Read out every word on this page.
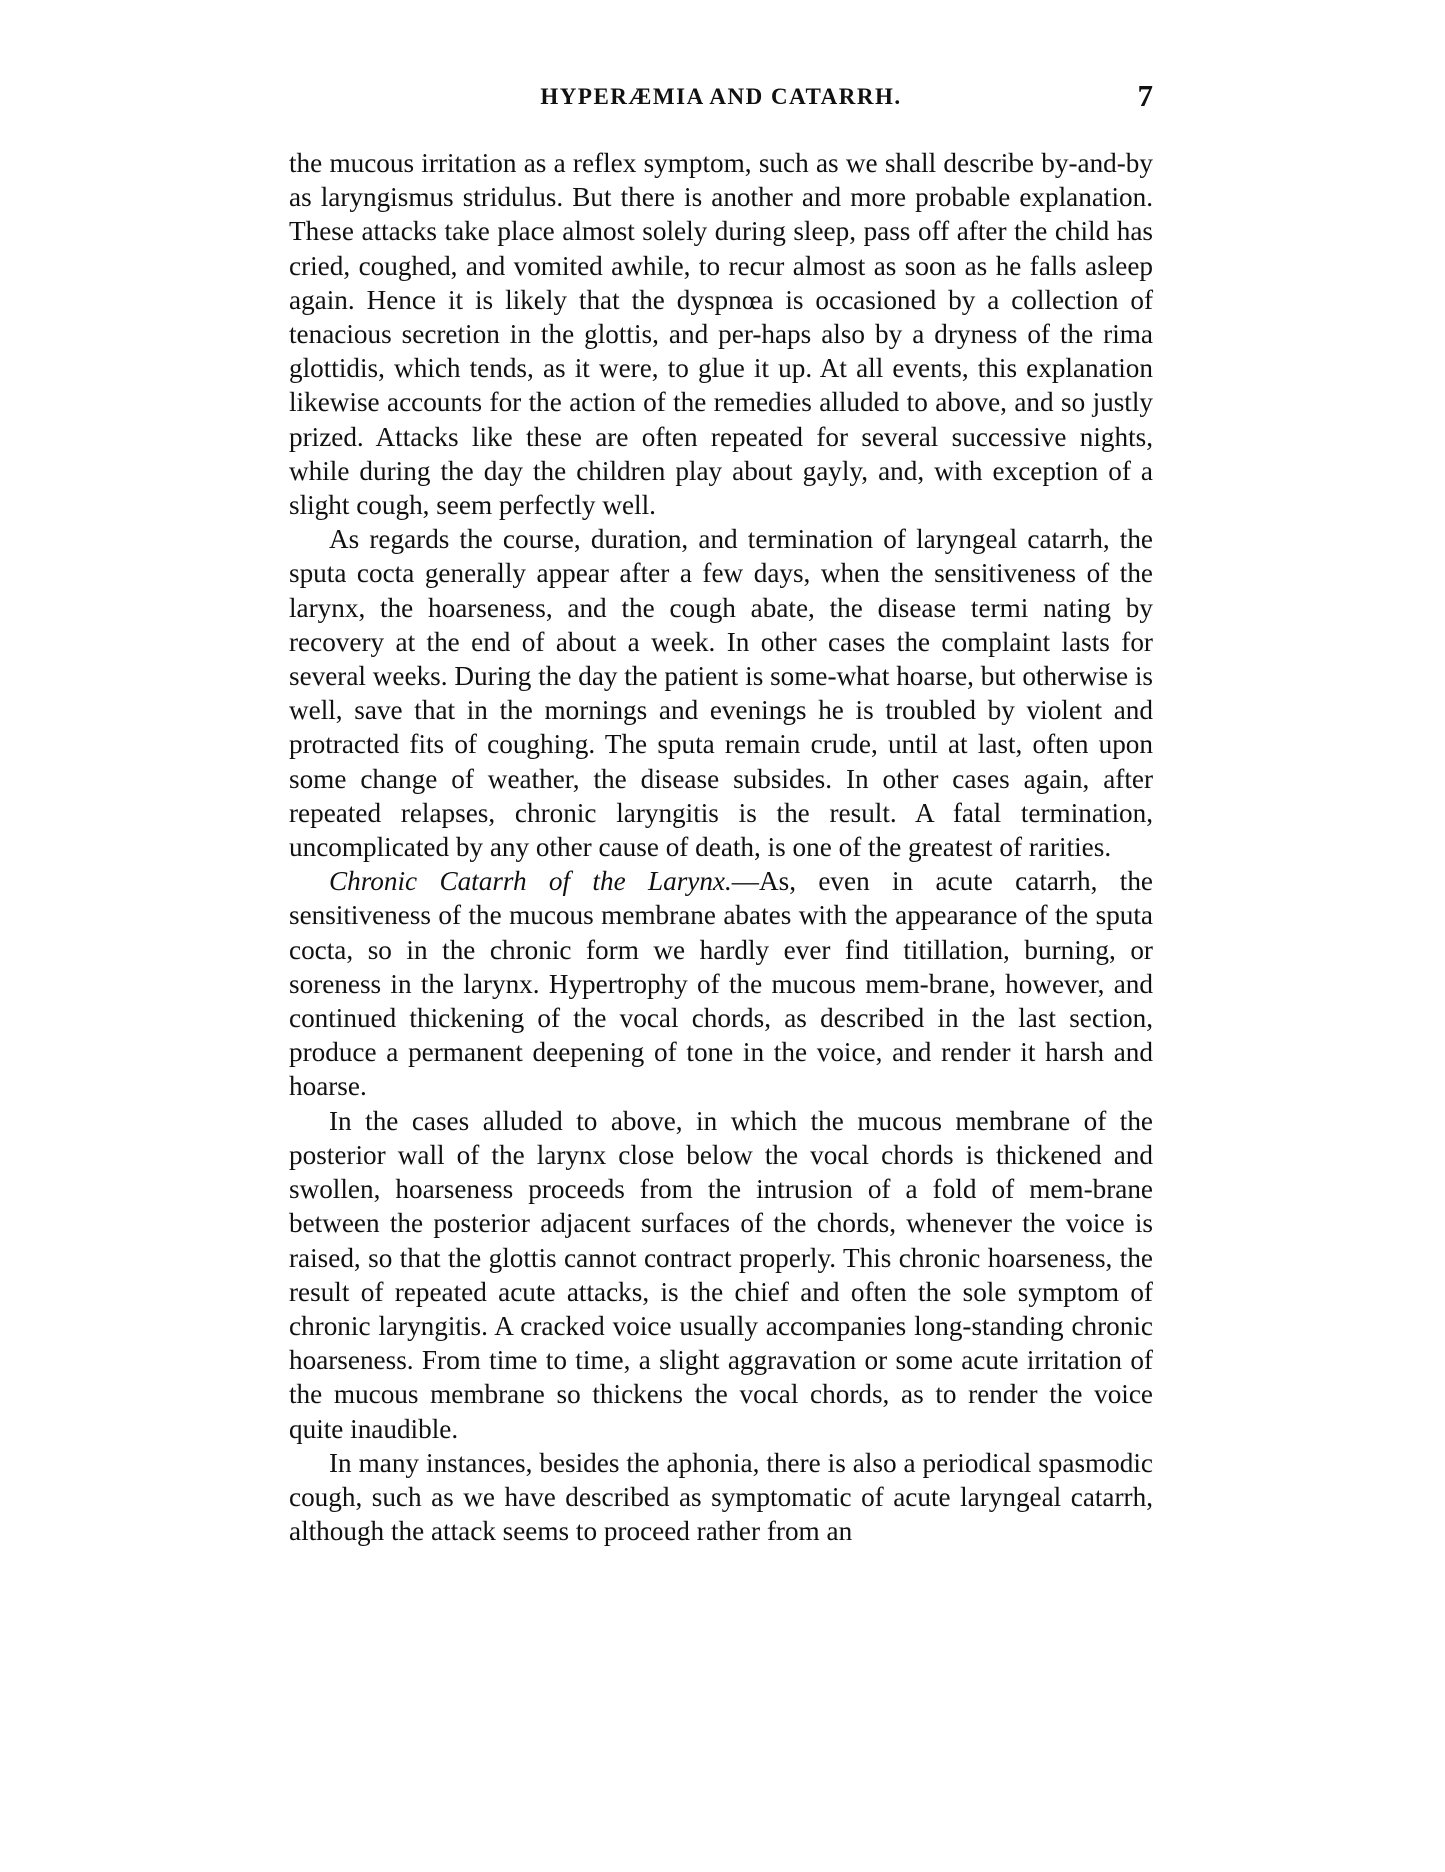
HYPERÆMIA AND CATARRH.	7

the mucous irritation as a reflex symptom, such as we shall describe by-and-by as laryngismus stridulus. But there is another and more probable explanation. These attacks take place almost solely during sleep, pass off after the child has cried, coughed, and vomited awhile, to recur almost as soon as he falls asleep again. Hence it is likely that the dyspnœa is occasioned by a collection of tenacious secretion in the glottis, and per-haps also by a dryness of the rima glottidis, which tends, as it were, to glue it up. At all events, this explanation likewise accounts for the action of the remedies alluded to above, and so justly prized. Attacks like these are often repeated for several successive nights, while during the day the children play about gayly, and, with exception of a slight cough, seem perfectly well.

As regards the course, duration, and termination of laryngeal catarrh, the sputa cocta generally appear after a few days, when the sensitiveness of the larynx, the hoarseness, and the cough abate, the disease termi nating by recovery at the end of about a week. In other cases the complaint lasts for several weeks. During the day the patient is some-what hoarse, but otherwise is well, save that in the mornings and evenings he is troubled by violent and protracted fits of coughing. The sputa remain crude, until at last, often upon some change of weather, the disease subsides. In other cases again, after repeated relapses, chronic laryngitis is the result. A fatal termination, uncomplicated by any other cause of death, is one of the greatest of rarities.

Chronic Catarrh of the Larynx.—As, even in acute catarrh, the sensitiveness of the mucous membrane abates with the appearance of the sputa cocta, so in the chronic form we hardly ever find titillation, burning, or soreness in the larynx. Hypertrophy of the mucous mem-brane, however, and continued thickening of the vocal chords, as described in the last section, produce a permanent deepening of tone in the voice, and render it harsh and hoarse.

In the cases alluded to above, in which the mucous membrane of the posterior wall of the larynx close below the vocal chords is thickened and swollen, hoarseness proceeds from the intrusion of a fold of mem-brane between the posterior adjacent surfaces of the chords, whenever the voice is raised, so that the glottis cannot contract properly. This chronic hoarseness, the result of repeated acute attacks, is the chief and often the sole symptom of chronic laryngitis. A cracked voice usually accompanies long-standing chronic hoarseness. From time to time, a slight aggravation or some acute irritation of the mucous membrane so thickens the vocal chords, as to render the voice quite inaudible.

In many instances, besides the aphonia, there is also a periodical spasmodic cough, such as we have described as symptomatic of acute laryngeal catarrh, although the attack seems to proceed rather from an
